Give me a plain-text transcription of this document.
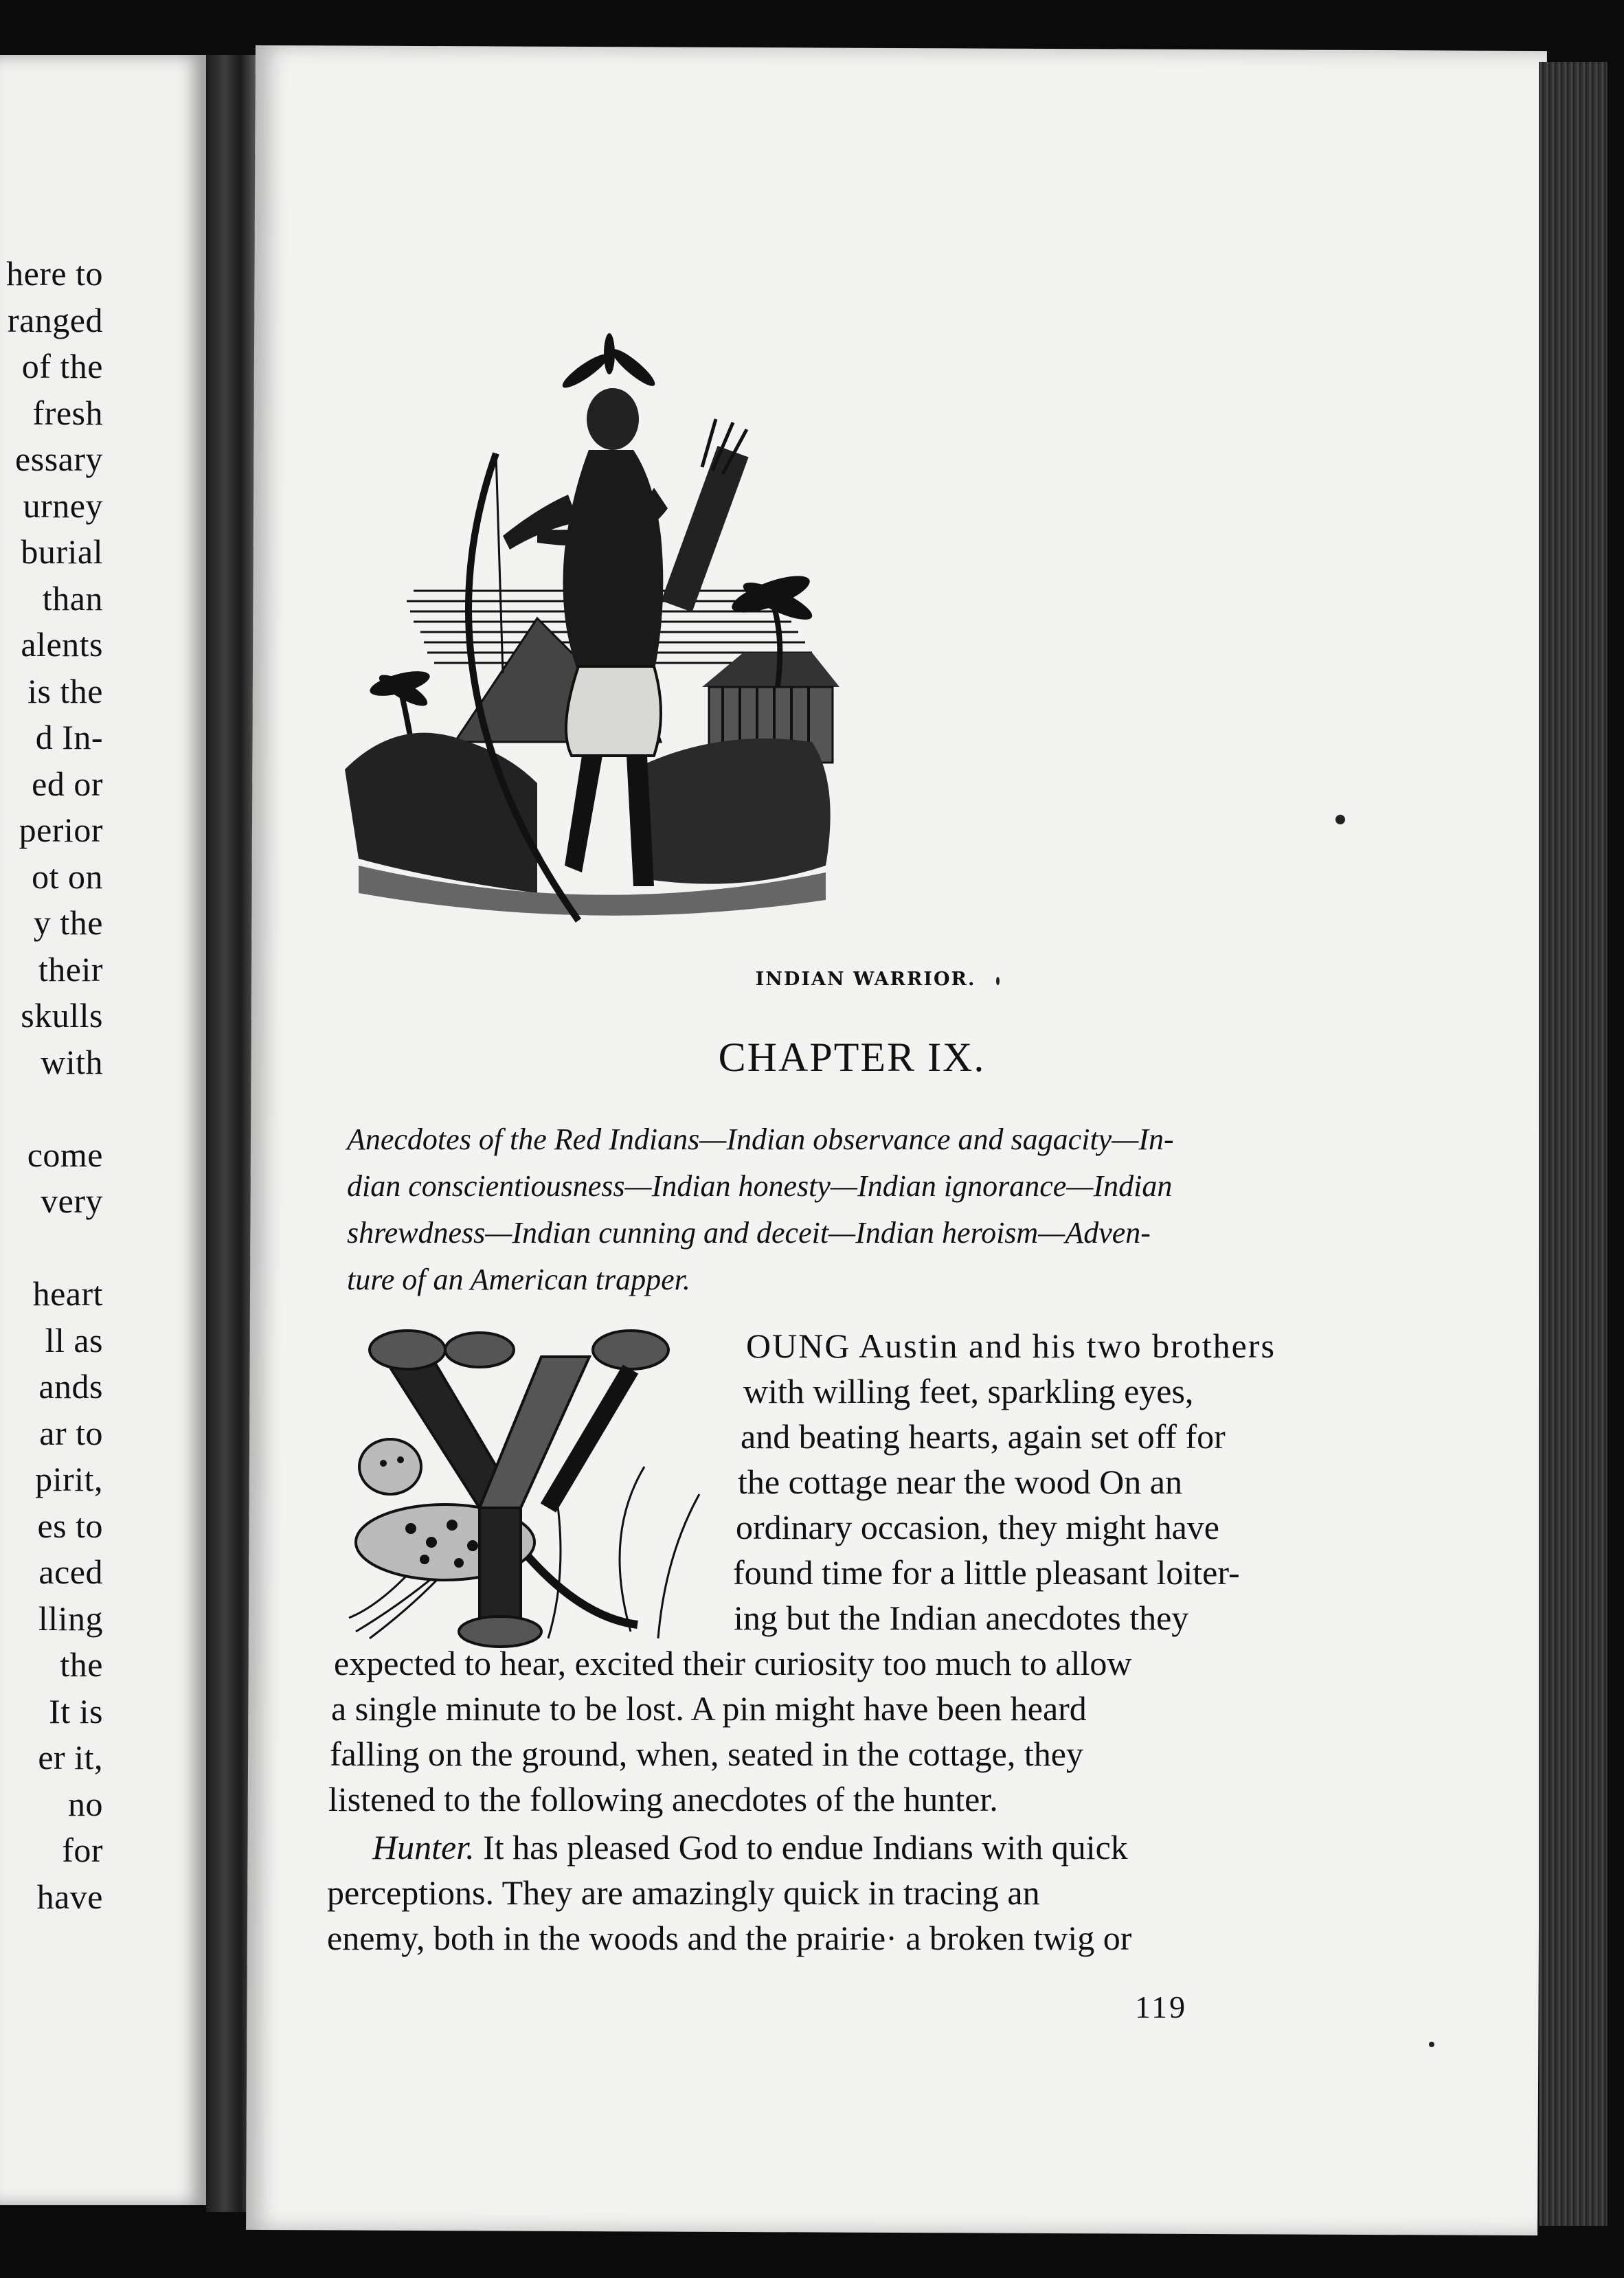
here to
ranged
of the
fresh
essary
urney
burial
than
alents
is the
d In-
ed or
perior
ot on
y the
their
skulls
with
come
very
heart
ll as
ands
ar to
pirit,
es to
aced
lling
the
It is
er it,
no
for
have
INDIAN WARRIOR.
CHAPTER IX.
Anecdotes of the Red Indians—Indian observance and sagacity—In-
dian conscientiousness—Indian honesty—Indian ignorance—Indian
shrewdness—Indian cunning and deceit—Indian heroism—Adven-
ture of an American trapper.
OUNG Austin and his two brothers
with willing feet, sparkling eyes,
and beating hearts, again set off for
the cottage near the wood On an
ordinary occasion, they might have
found time for a little pleasant loiter-
ing but the Indian anecdotes they
expected to hear, excited their curiosity too much to allow
a single minute to be lost. A pin might have been heard
falling on the ground, when, seated in the cottage, they
listened to the following anecdotes of the hunter.
Hunter. It has pleased God to endue Indians with quick
perceptions. They are amazingly quick in tracing an
enemy, both in the woods and the prairie· a broken twig or
119
